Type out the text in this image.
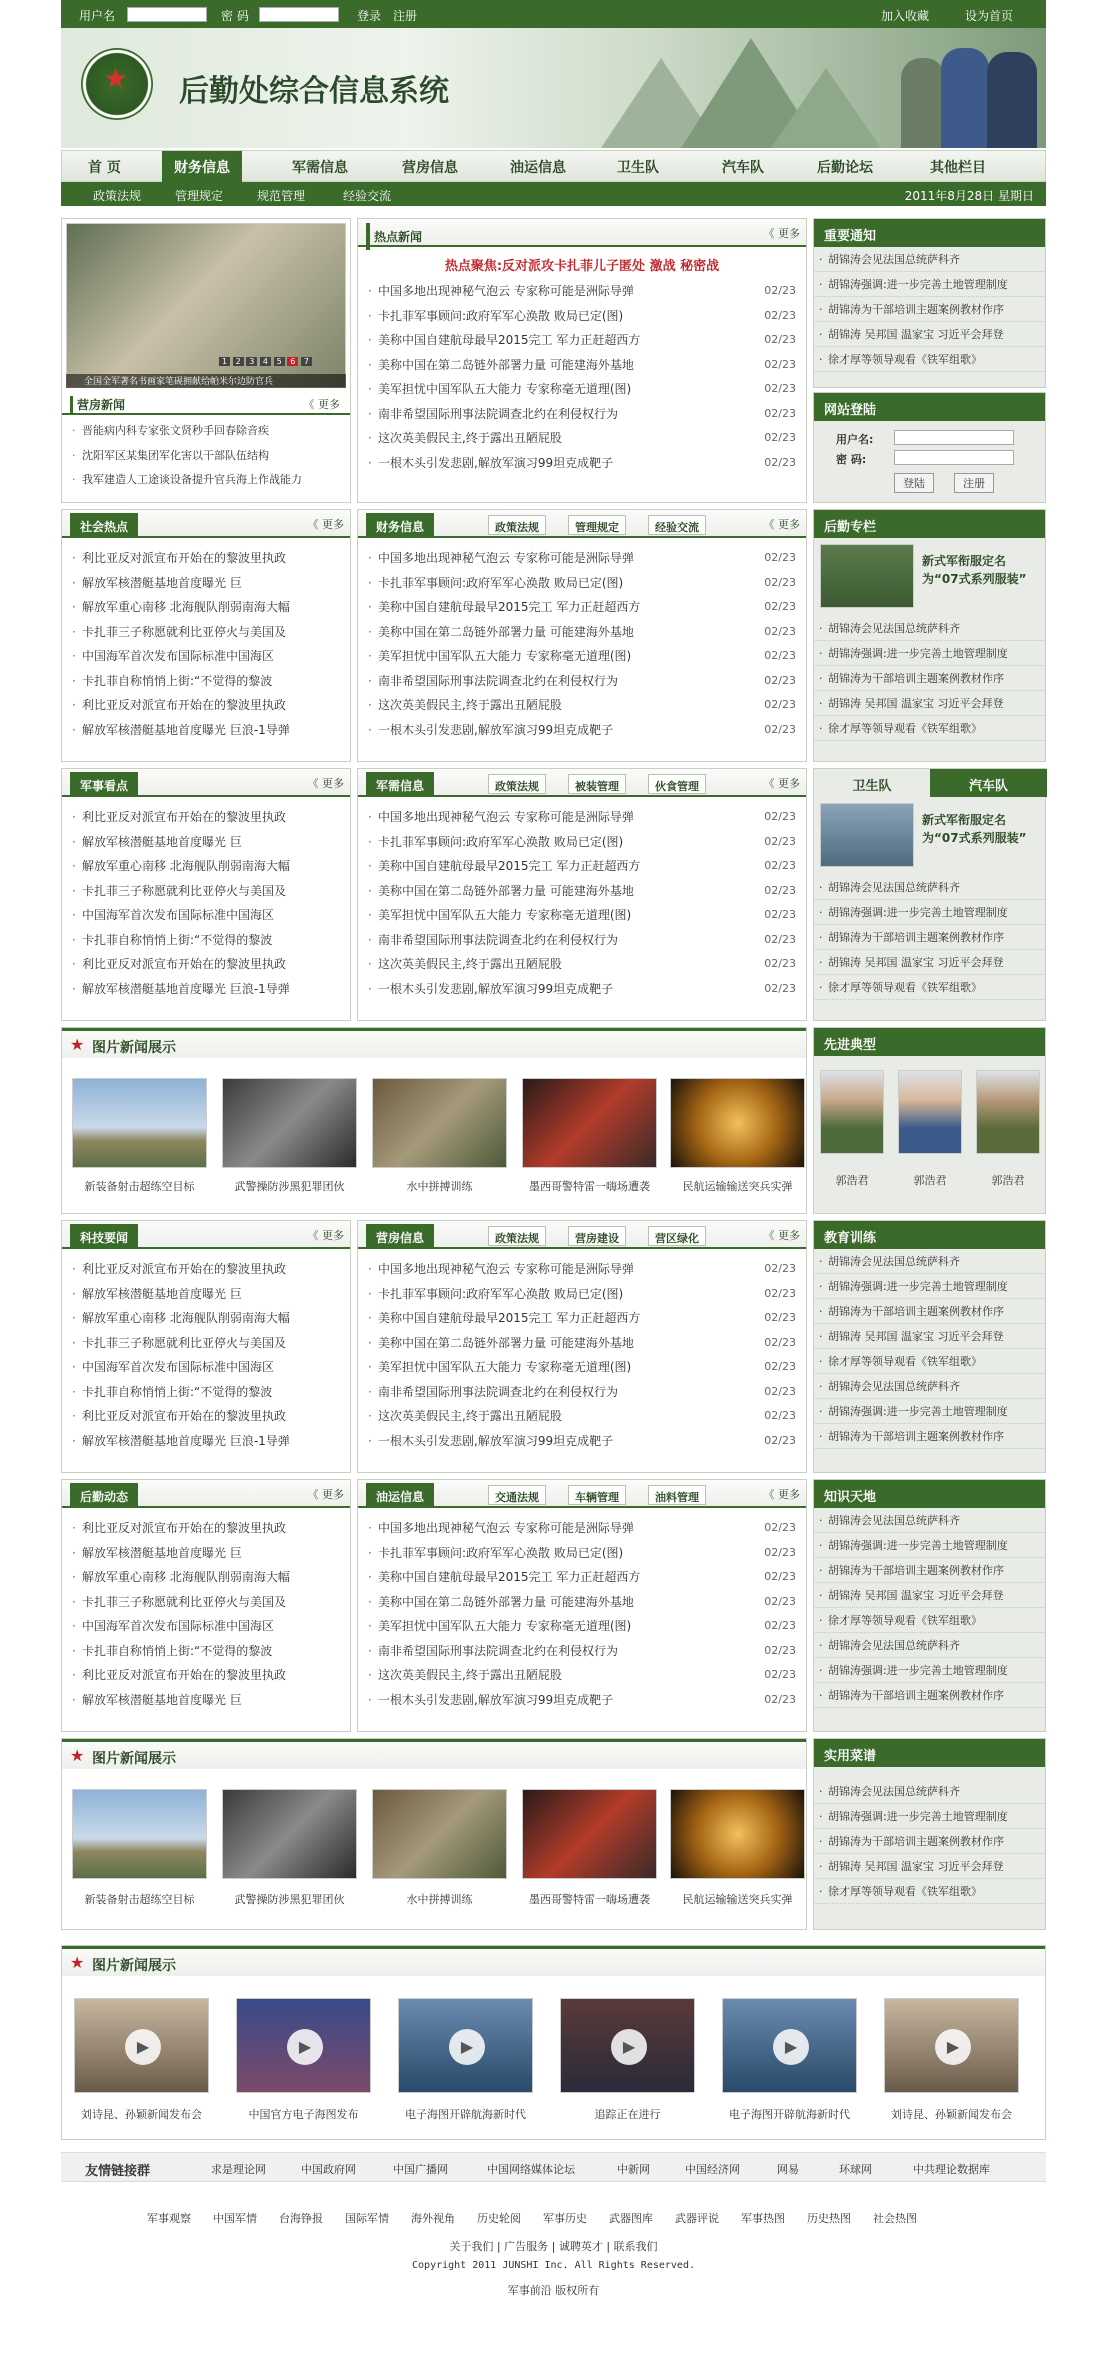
用户名	密 码	登录 注册	加入收藏	设为首页
★ 后勤处综合信息系统
首 页	财务信息	军需信息	营房信息	油运信息	卫生队	汽车队	后勤论坛	其他栏目
政策法规	管理规定	规范管理	经验交流	2011年8月28日 星期日
全国全军著名书画家笔砚拥献给帕米尔边防官兵
1 2 3 4 5 6 7
营房新闻	《 更多
· 晋能病内科专家张文贤秒手回春除音疾
· 沈阳军区某集团军化害以干部队伍结构
· 我军建造人工途谈设备提升官兵海上作战能力
热点新闻	《 更多
热点聚焦:反对派攻卡扎菲儿子匿处 激战 秘密战
· 中国多地出现神秘气泡云 专家称可能是洲际导弹	02/23
· 卡扎菲军事顾问:政府军军心涣散 败局已定(图)	02/23
· 美称中国自建航母最早2015完工 军力正赶超西方	02/23
· 美称中国在第二岛链外部署力量 可能建海外基地	02/23
· 美军担忧中国军队五大能力 专家称毫无道理(图)	02/23
· 南非希望国际刑事法院调查北约在利侵权行为	02/23
· 这次英美假民主,终于露出丑陋屁股	02/23
· 一根木头引发悲剧,解放军演习99坦克成靶子	02/23
重要通知
· 胡锦涛会见法国总统萨科齐
· 胡锦涛强调:进一步完善土地管理制度
· 胡锦涛为干部培训主题案例教材作序
· 胡锦涛 吴邦国 温家宝 习近平会拜登
· 徐才厚等领导观看《铁军组歌》
网站登陆
用户名:
密 码:
登陆	注册
社会热点	《 更多
· 利比亚反对派宣布开始在的黎波里执政
· 解放军核潜艇基地首度曝光 巨
· 解放军重心南移 北海舰队削弱南海大幅
· 卡扎菲三子称愿就利比亚停火与美国及
· 中国海军首次发布国际标准中国海区
· 卡扎菲自称悄悄上街:“不觉得的黎波
· 利比亚反对派宣布开始在的黎波里执政
· 解放军核潜艇基地首度曝光 巨浪-1导弹
财务信息	政策法规	管理规定	经验交流	《 更多
· 中国多地出现神秘气泡云 专家称可能是洲际导弹	02/23
· 卡扎菲军事顾问:政府军军心涣散 败局已定(图)	02/23
· 美称中国自建航母最早2015完工 军力正赶超西方	02/23
· 美称中国在第二岛链外部署力量 可能建海外基地	02/23
· 美军担忧中国军队五大能力 专家称毫无道理(图)	02/23
· 南非希望国际刑事法院调查北约在利侵权行为	02/23
· 这次英美假民主,终于露出丑陋屁股	02/23
· 一根木头引发悲剧,解放军演习99坦克成靶子	02/23
后勤专栏
新式军衔服定名为“07式系列服装”
· 胡锦涛会见法国总统萨科齐
· 胡锦涛强调:进一步完善土地管理制度
· 胡锦涛为干部培训主题案例教材作序
· 胡锦涛 吴邦国 温家宝 习近平会拜登
· 徐才厚等领导观看《铁军组歌》
军事看点	《 更多
· 利比亚反对派宣布开始在的黎波里执政
· 解放军核潜艇基地首度曝光 巨
· 解放军重心南移 北海舰队削弱南海大幅
· 卡扎菲三子称愿就利比亚停火与美国及
· 中国海军首次发布国际标准中国海区
· 卡扎菲自称悄悄上街:“不觉得的黎波
· 利比亚反对派宣布开始在的黎波里执政
· 解放军核潜艇基地首度曝光 巨浪-1导弹
军需信息	政策法规	被装管理	伙食管理	《 更多
· 中国多地出现神秘气泡云 专家称可能是洲际导弹	02/23
· 卡扎菲军事顾问:政府军军心涣散 败局已定(图)	02/23
· 美称中国自建航母最早2015完工 军力正赶超西方	02/23
· 美称中国在第二岛链外部署力量 可能建海外基地	02/23
· 美军担忧中国军队五大能力 专家称毫无道理(图)	02/23
· 南非希望国际刑事法院调查北约在利侵权行为	02/23
· 这次英美假民主,终于露出丑陋屁股	02/23
· 一根木头引发悲剧,解放军演习99坦克成靶子	02/23
卫生队	汽车队
新式军衔服定名为“07式系列服装”
· 胡锦涛会见法国总统萨科齐
· 胡锦涛强调:进一步完善土地管理制度
· 胡锦涛为干部培训主题案例教材作序
· 胡锦涛 吴邦国 温家宝 习近平会拜登
· 徐才厚等领导观看《铁军组歌》
★ 图片新闻展示
新装备射击超练空目标	武警操防涉黑犯罪团伙	水中拼搏训练	墨西哥警特雷一嗨场遭袭	民航运输输送突兵实弹
先进典型
郭浩君	郭浩君	郭浩君
科技要闻	《 更多
· 利比亚反对派宣布开始在的黎波里执政
· 解放军核潜艇基地首度曝光 巨
· 解放军重心南移 北海舰队削弱南海大幅
· 卡扎菲三子称愿就利比亚停火与美国及
· 中国海军首次发布国际标准中国海区
· 卡扎菲自称悄悄上街:“不觉得的黎波
· 利比亚反对派宣布开始在的黎波里执政
· 解放军核潜艇基地首度曝光 巨浪-1导弹
营房信息	政策法规	营房建设	营区绿化	《 更多
· 中国多地出现神秘气泡云 专家称可能是洲际导弹	02/23
· 卡扎菲军事顾问:政府军军心涣散 败局已定(图)	02/23
· 美称中国自建航母最早2015完工 军力正赶超西方	02/23
· 美称中国在第二岛链外部署力量 可能建海外基地	02/23
· 美军担忧中国军队五大能力 专家称毫无道理(图)	02/23
· 南非希望国际刑事法院调查北约在利侵权行为	02/23
· 这次英美假民主,终于露出丑陋屁股	02/23
· 一根木头引发悲剧,解放军演习99坦克成靶子	02/23
教育训练
· 胡锦涛会见法国总统萨科齐
· 胡锦涛强调:进一步完善土地管理制度
· 胡锦涛为干部培训主题案例教材作序
· 胡锦涛 吴邦国 温家宝 习近平会拜登
· 徐才厚等领导观看《铁军组歌》
· 胡锦涛会见法国总统萨科齐
· 胡锦涛强调:进一步完善土地管理制度
· 胡锦涛为干部培训主题案例教材作序
后勤动态	《 更多
· 利比亚反对派宣布开始在的黎波里执政
· 解放军核潜艇基地首度曝光 巨
· 解放军重心南移 北海舰队削弱南海大幅
· 卡扎菲三子称愿就利比亚停火与美国及
· 中国海军首次发布国际标准中国海区
· 卡扎菲自称悄悄上街:“不觉得的黎波
· 利比亚反对派宣布开始在的黎波里执政
· 解放军核潜艇基地首度曝光 巨
油运信息	交通法规	车辆管理	油料管理	《 更多
· 中国多地出现神秘气泡云 专家称可能是洲际导弹	02/23
· 卡扎菲军事顾问:政府军军心涣散 败局已定(图)	02/23
· 美称中国自建航母最早2015完工 军力正赶超西方	02/23
· 美称中国在第二岛链外部署力量 可能建海外基地	02/23
· 美军担忧中国军队五大能力 专家称毫无道理(图)	02/23
· 南非希望国际刑事法院调查北约在利侵权行为	02/23
· 这次英美假民主,终于露出丑陋屁股	02/23
· 一根木头引发悲剧,解放军演习99坦克成靶子	02/23
知识天地
· 胡锦涛会见法国总统萨科齐
· 胡锦涛强调:进一步完善土地管理制度
· 胡锦涛为干部培训主题案例教材作序
· 胡锦涛 吴邦国 温家宝 习近平会拜登
· 徐才厚等领导观看《铁军组歌》
· 胡锦涛会见法国总统萨科齐
· 胡锦涛强调:进一步完善土地管理制度
· 胡锦涛为干部培训主题案例教材作序
★ 图片新闻展示
新装备射击超练空目标	武警操防涉黑犯罪团伙	水中拼搏训练	墨西哥警特雷一嗨场遭袭	民航运输输送突兵实弹
实用菜谱
· 胡锦涛会见法国总统萨科齐
· 胡锦涛强调:进一步完善土地管理制度
· 胡锦涛为干部培训主题案例教材作序
· 胡锦涛 吴邦国 温家宝 习近平会拜登
· 徐才厚等领导观看《铁军组歌》
★ 图片新闻展示
▶	▶	▶	▶	▶	▶
刘诗昆、孙颖新闻发布会	中国官方电子海图发布	电子海图开辟航海新时代	追踪正在进行	电子海图开辟航海新时代	刘诗昆、孙颖新闻发布会
友情链接群	求是理论网	中国政府网	中国广播网	中国网络媒体论坛	中新网	中国经济网	网易	环球网	中共理论数据库
军事观察 中国军情 台海铮报 国际军情 海外视角 历史轮阅 军事历史 武器图库 武器评说 军事热图 历史热图 社会热图
关于我们 | 广告服务 | 诚聘英才 | 联系我们
Copyright 2011 JUNSHI Inc. All Rights Reserved.
军事前沿 版权所有
